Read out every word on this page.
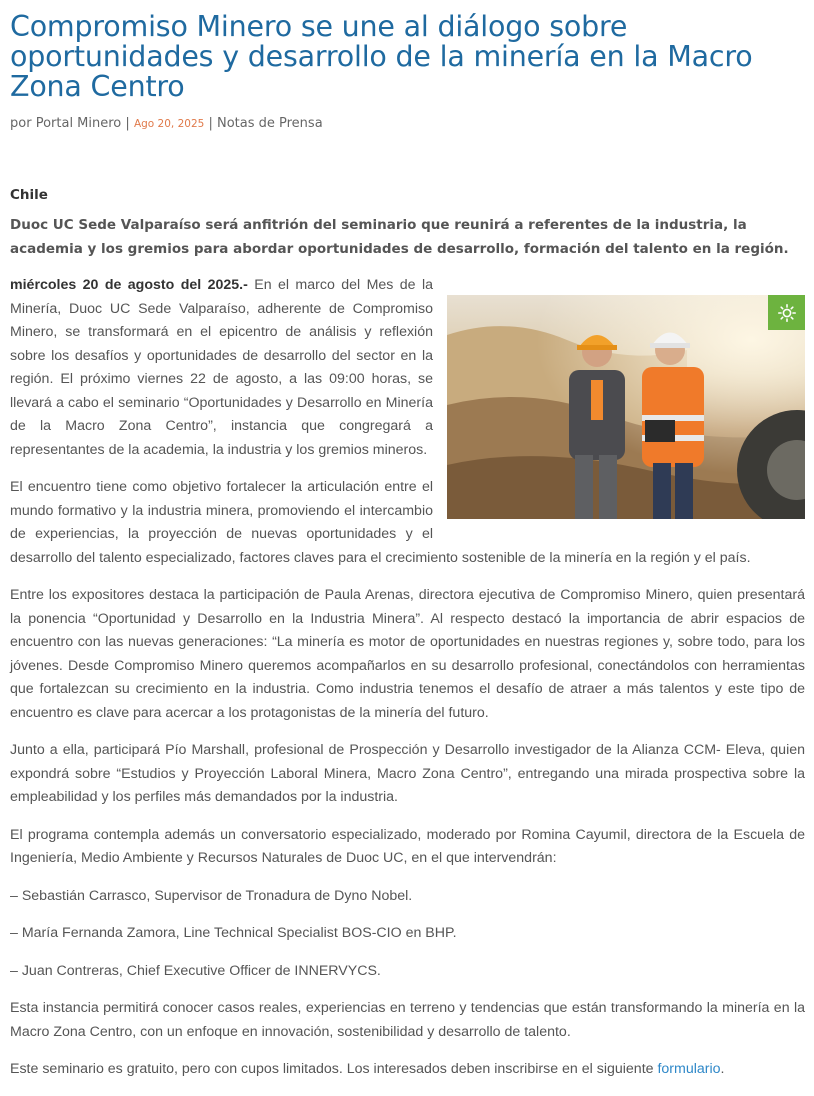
Compromiso Minero se une al diálogo sobre oportunidades y desarrollo de la minería en la Macro Zona Centro
por Portal Minero | Ago 20, 2025 | Notas de Prensa
Chile
Duoc UC Sede Valparaíso será anfitrión del seminario que reunirá a referentes de la industria, la academia y los gremios para abordar oportunidades de desarrollo, formación del talento en la región.

miércoles 20 de agosto del 2025.- En el marco del Mes de la Minería, Duoc UC Sede Valparaíso, adherente de Compromiso Minero, se transformará en el epicentro de análisis y reflexión sobre los desafíos y oportunidades de desarrollo del sector en la región. El próximo viernes 22 de agosto, a las 09:00 horas, se llevará a cabo el seminario “Oportunidades y Desarrollo en Minería de la Macro Zona Centro”, instancia que congregará a representantes de la academia, la industria y los gremios mineros.

El encuentro tiene como objetivo fortalecer la articulación entre el mundo formativo y la industria minera, promoviendo el intercambio de experiencias, la proyección de nuevas oportunidades y el desarrollo del talento especializado, factores claves para el crecimiento sostenible de la minería en la región y el país.

Entre los expositores destaca la participación de Paula Arenas, directora ejecutiva de Compromiso Minero, quien presentará la ponencia “Oportunidad y Desarrollo en la Industria Minera”. Al respecto destacó la importancia de abrir espacios de encuentro con las nuevas generaciones: “La minería es motor de oportunidades en nuestras regiones y, sobre todo, para los jóvenes. Desde Compromiso Minero queremos acompañarlos en su desarrollo profesional, conectándolos con herramientas que fortalezcan su crecimiento en la industria. Como industria tenemos el desafío de atraer a más talentos y este tipo de encuentro es clave para acercar a los protagonistas de la minería del futuro.

Junto a ella, participará Pío Marshall, profesional de Prospección y Desarrollo investigador de la Alianza CCM- Eleva, quien expondrá sobre “Estudios y Proyección Laboral Minera, Macro Zona Centro”, entregando una mirada prospectiva sobre la empleabilidad y los perfiles más demandados por la industria.

El programa contempla además un conversatorio especializado, moderado por Romina Cayumil, directora de la Escuela de Ingeniería, Medio Ambiente y Recursos Naturales de Duoc UC, en el que intervendrán:

– Sebastián Carrasco, Supervisor de Tronadura de Dyno Nobel.

– María Fernanda Zamora, Line Technical Specialist BOS-CIO en BHP.

– Juan Contreras, Chief Executive Officer de INNERVYCS.

Esta instancia permitirá conocer casos reales, experiencias en terreno y tendencias que están transformando la minería en la Macro Zona Centro, con un enfoque en innovación, sostenibilidad y desarrollo de talento.

Este seminario es gratuito, pero con cupos limitados. Los interesados deben inscribirse en el siguiente formulario.
